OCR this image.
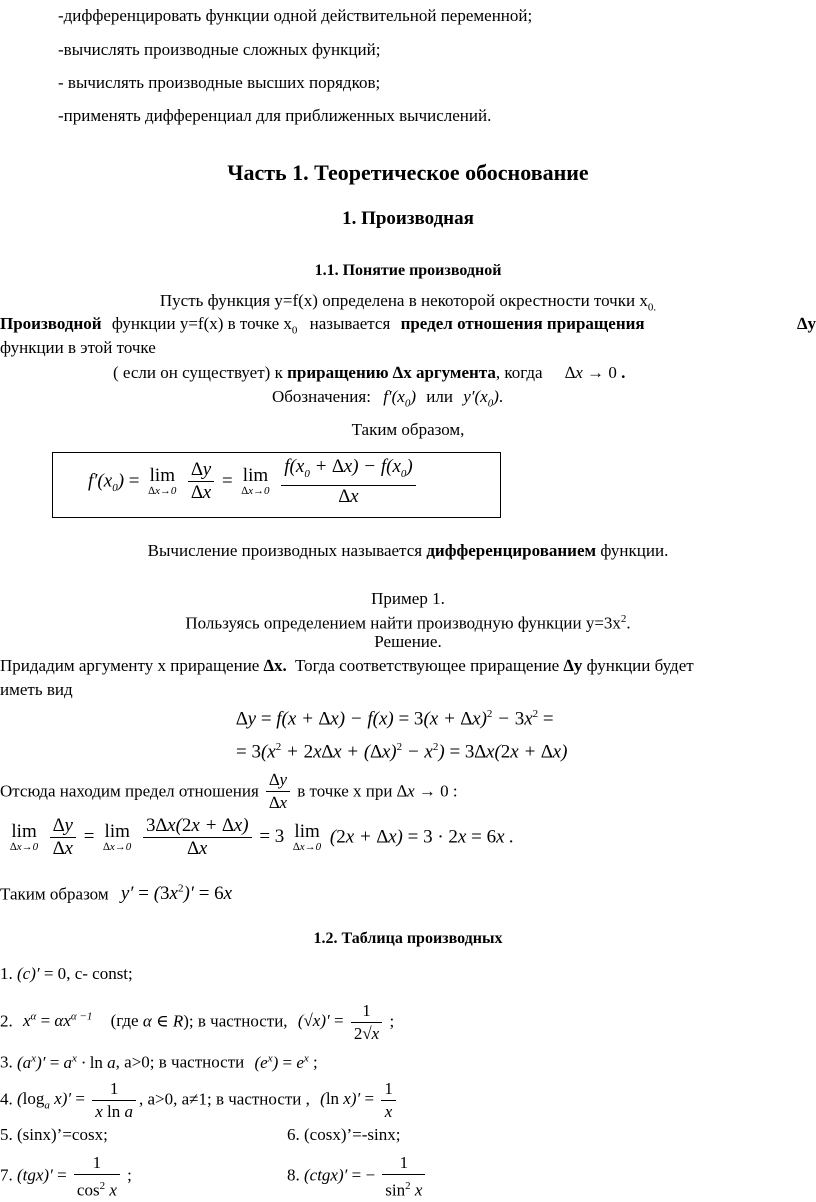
-дифференцировать функции одной действительной переменной;
-вычислять производные сложных функций;
- вычислять производные высших порядков;
-применять дифференциал для приближенных вычислений.
Часть 1. Теоретическое обоснование
1. Производная
1.1. Понятие производной
Пусть функция y=f(x) определена в некоторой окрестности точки $x_{0.}$
Производной функции y=f(x) в точке $x_0$ называется предел отношения приращения	∆y
функции в этой точке
( если он существует) к приращению ∆x аргумента, когда ∆x → 0 .
Обозначения: $f'(x_0)$ или $y'(x_0)$.
Таким образом,
$f'(x_0) = \lim$
∆x→0
$\frac{\Delta y}{\Delta x} = \lim$
∆x→0
$\frac{f(x_0 + \Delta x) - f(x_0)}{\Delta x}$
Вычисление производных называется дифференцированием функции.
Пример 1.
Пользуясь определением найти производную функции $y=3x^2$.
Решение.
Придадим аргументу x приращение ∆x. Тогда соответствующее приращение ∆y функции будет
иметь вид
$\Delta y = f(x + \Delta x) - f(x) = 3(x + \Delta x)^2 - 3x^2$ =
= $3(x^2 + 2x\Delta x + (\Delta x)^2 - x^2) = 3\Delta x(2x + \Delta x)$
Отсюда находим предел отношения $\frac{\Delta y}{\Delta x}$ в точке x при ∆x → 0 :
lim
∆x→0
$\frac{\Delta y}{\Delta x} = \lim$
∆x→0
$\frac{3\Delta x(2x + \Delta x)}{\Delta x} = 3$ lim
∆x→0 (2x + ∆x) = 3 · 2x = 6x .
Таким образом $y' = (3x^2)' = 6x$
1.2. Таблица производных
1. (c)′ = 0, с- const;
2. $x^\alpha = \alpha x^{\alpha -1}$ (где α ∈ R); в частности, $(√x)' = \frac{1}{2√x}$ ;
3. $(a^x)' = a^x \cdot \ln a$, a>0; в частности $(e^x) = e^x$ ;
4. ($\log_a$ $x)' = \frac{1}{\text{x ln a}}$ , a>0, a≠1; в частности , (ln $x)' = \frac{1}{x}$
5. (sinx)’=cosx;	6. (cosx)’=-sinx;
7. $(tgx)' = \frac{1}{\cos^2 x}$ ;	8. (ctgx)′ = − $\frac{1}{\sin^2 x}$
